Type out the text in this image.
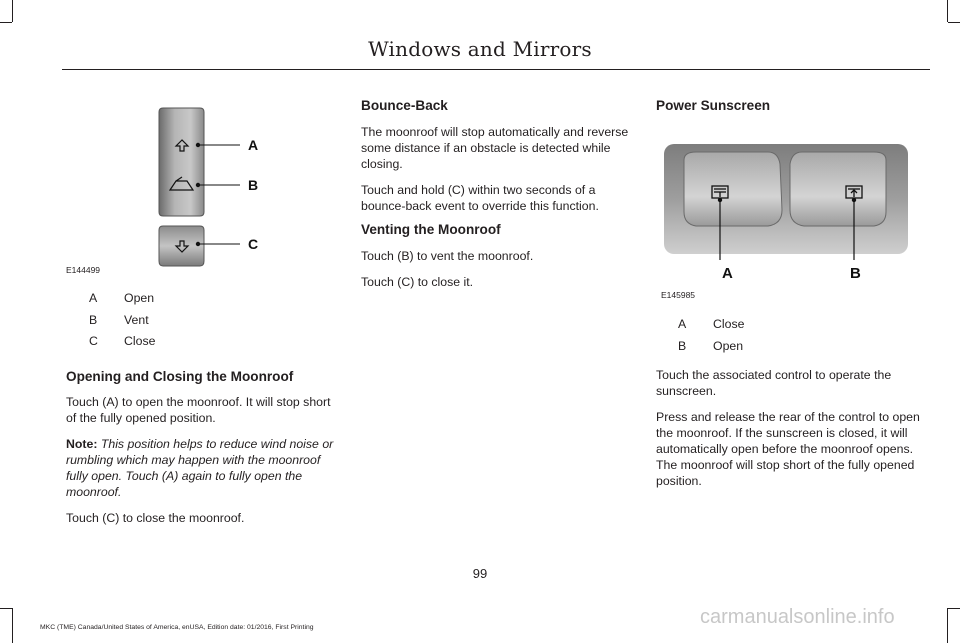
Windows and Mirrors
A
B
C
E144499
A Open
B Vent
C Close
Opening and Closing the Moonroof

Touch (A) to open the moonroof. It will stop short of the fully opened position.

Note: This position helps to reduce wind noise or rumbling which may happen with the moonroof fully open. Touch (A) again to fully open the moonroof.

Touch (C) to close the moonroof.

Bounce-Back

The moonroof will stop automatically and reverse some distance if an obstacle is detected while closing.

Touch and hold (C) within two seconds of a bounce-back event to override this function.

Venting the Moonroof

Touch (B) to vent the moonroof.

Touch (C) to close it.

Power Sunscreen
A	B
E145985
A Close
B Open

Touch the associated control to operate the sunscreen.

Press and release the rear of the control to open the moonroof. If the sunscreen is closed, it will automatically open before the moonroof opens. The moonroof will stop short of the fully opened position.

99
MKC (TME) Canada/United States of America, enUSA, Edition date: 01/2016, First Printing	carmanualsonline.info
